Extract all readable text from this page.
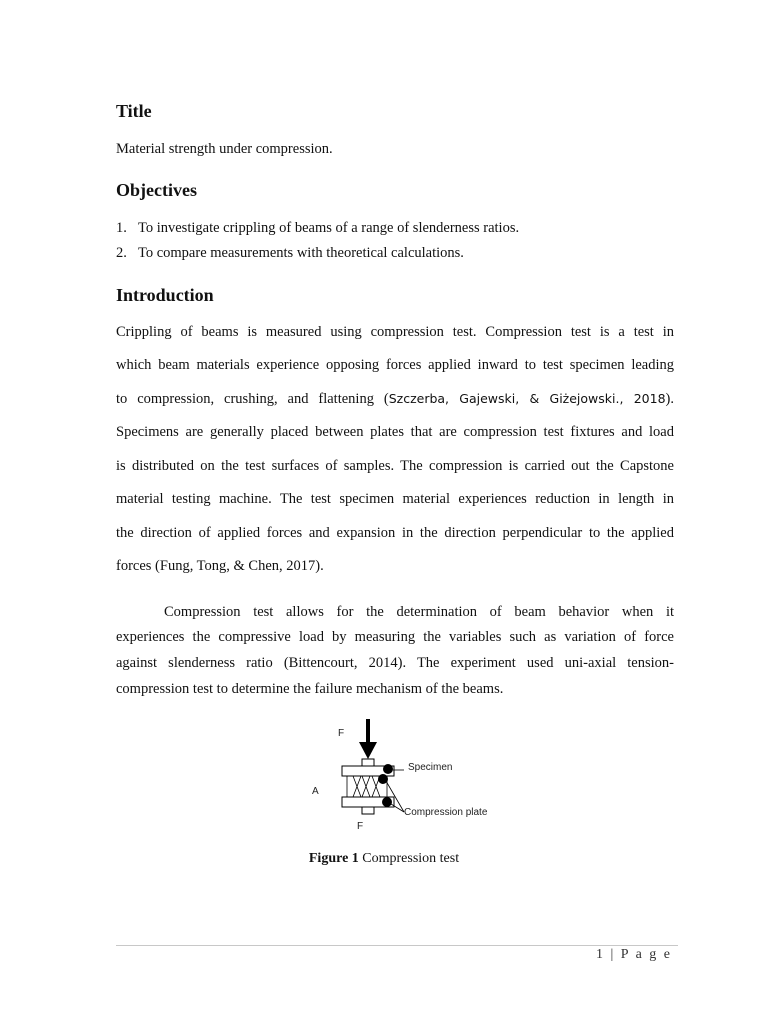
Title
Material strength under compression.
Objectives
1. To investigate crippling of beams of a range of slenderness ratios.
2. To compare measurements with theoretical calculations.
Introduction
Crippling of beams is measured using compression test. Compression test is a test in
which beam materials experience opposing forces applied inward to test specimen leading
to compression, crushing, and flattening (Szczerba, Gajewski, & Giżejowski., 2018).
Specimens are generally placed between plates that are compression test fixtures and load
is distributed on the test surfaces of samples. The compression is carried out the Capstone
material testing machine. The test specimen material experiences reduction in length in
the direction of applied forces and expansion in the direction perpendicular to the applied
forces (Fung, Tong, & Chen, 2017).
Compression test allows for the determination of beam behavior when it
experiences the compressive load by measuring the variables such as variation of force
against slenderness ratio (Bittencourt, 2014). The experiment used uni-axial tension-
compression test to determine the failure mechanism of the beams.
F
A
F
Specimen
Compression plate
Figure 1 Compression test
1 | P a g e
